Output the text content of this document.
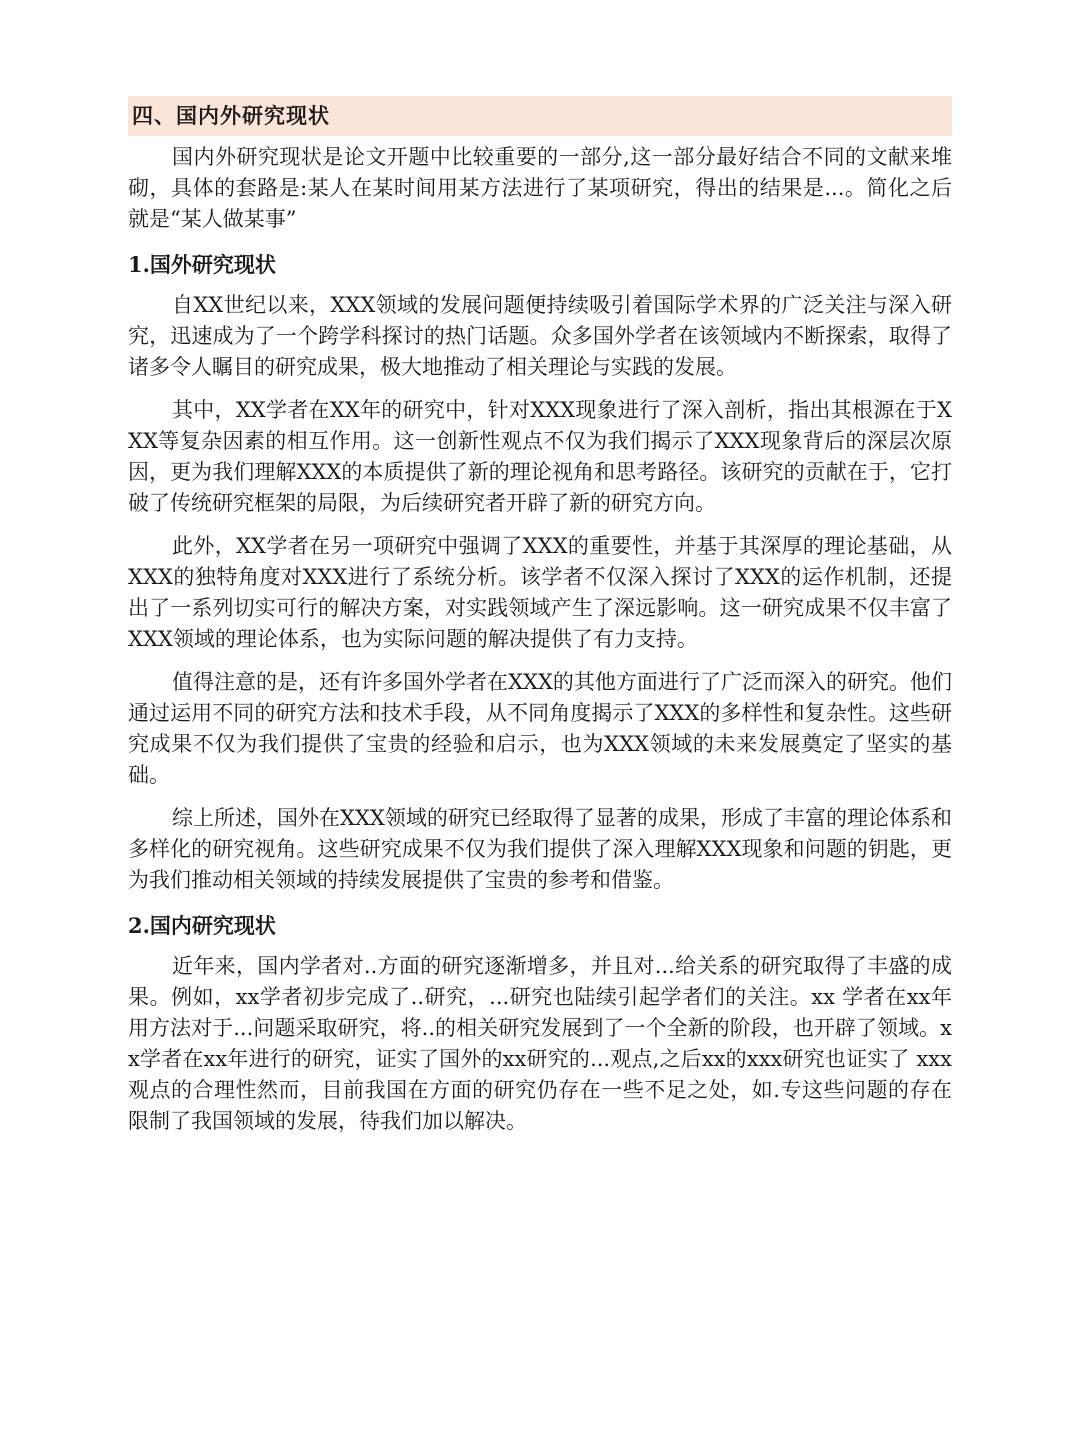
四、国内外研究现状

国内外研究现状是论文开题中比较重要的一部分,这一部分最好结合不同的文献来堆砌，具体的套路是:某人在某时间用某方法进行了某项研究，得出的结果是...。简化之后就是“某人做某事”

1.国外研究现状

自XX世纪以来，XXX领域的发展问题便持续吸引着国际学术界的广泛关注与深入研究，迅速成为了一个跨学科探讨的热门话题。众多国外学者在该领域内不断探索，取得了诸多令人瞩目的研究成果，极大地推动了相关理论与实践的发展。

其中，XX学者在XX年的研究中，针对XXX现象进行了深入剖析，指出其根源在于XXX等复杂因素的相互作用。这一创新性观点不仅为我们揭示了XXX现象背后的深层次原因，更为我们理解XXX的本质提供了新的理论视角和思考路径。该研究的贡献在于，它打破了传统研究框架的局限，为后续研究者开辟了新的研究方向。

此外，XX学者在另一项研究中强调了XXX的重要性，并基于其深厚的理论基础，从XXX的独特角度对XXX进行了系统分析。该学者不仅深入探讨了XXX的运作机制，还提出了一系列切实可行的解决方案，对实践领域产生了深远影响。这一研究成果不仅丰富了XXX领域的理论体系，也为实际问题的解决提供了有力支持。

值得注意的是，还有许多国外学者在XXX的其他方面进行了广泛而深入的研究。他们通过运用不同的研究方法和技术手段，从不同角度揭示了XXX的多样性和复杂性。这些研究成果不仅为我们提供了宝贵的经验和启示，也为XXX领域的未来发展奠定了坚实的基础。

综上所述，国外在XXX领域的研究已经取得了显著的成果，形成了丰富的理论体系和多样化的研究视角。这些研究成果不仅为我们提供了深入理解XXX现象和问题的钥匙，更为我们推动相关领域的持续发展提供了宝贵的参考和借鉴。

2.国内研究现状

近年来，国内学者对..方面的研究逐渐增多，并且对...给关系的研究取得了丰盛的成果。例如，xx学者初步完成了..研究，...研究也陆续引起学者们的关注。xx 学者在xx年用方法对于...问题采取研究，将..的相关研究发展到了一个全新的阶段，也开辟了领域。xx学者在xx年进行的研究，证实了国外的xx研究的...观点,之后xx的xxx研究也证实了 xxx 观点的合理性然而，目前我国在方面的研究仍存在一些不足之处，如.专这些问题的存在限制了我国领域的发展，待我们加以解决。
